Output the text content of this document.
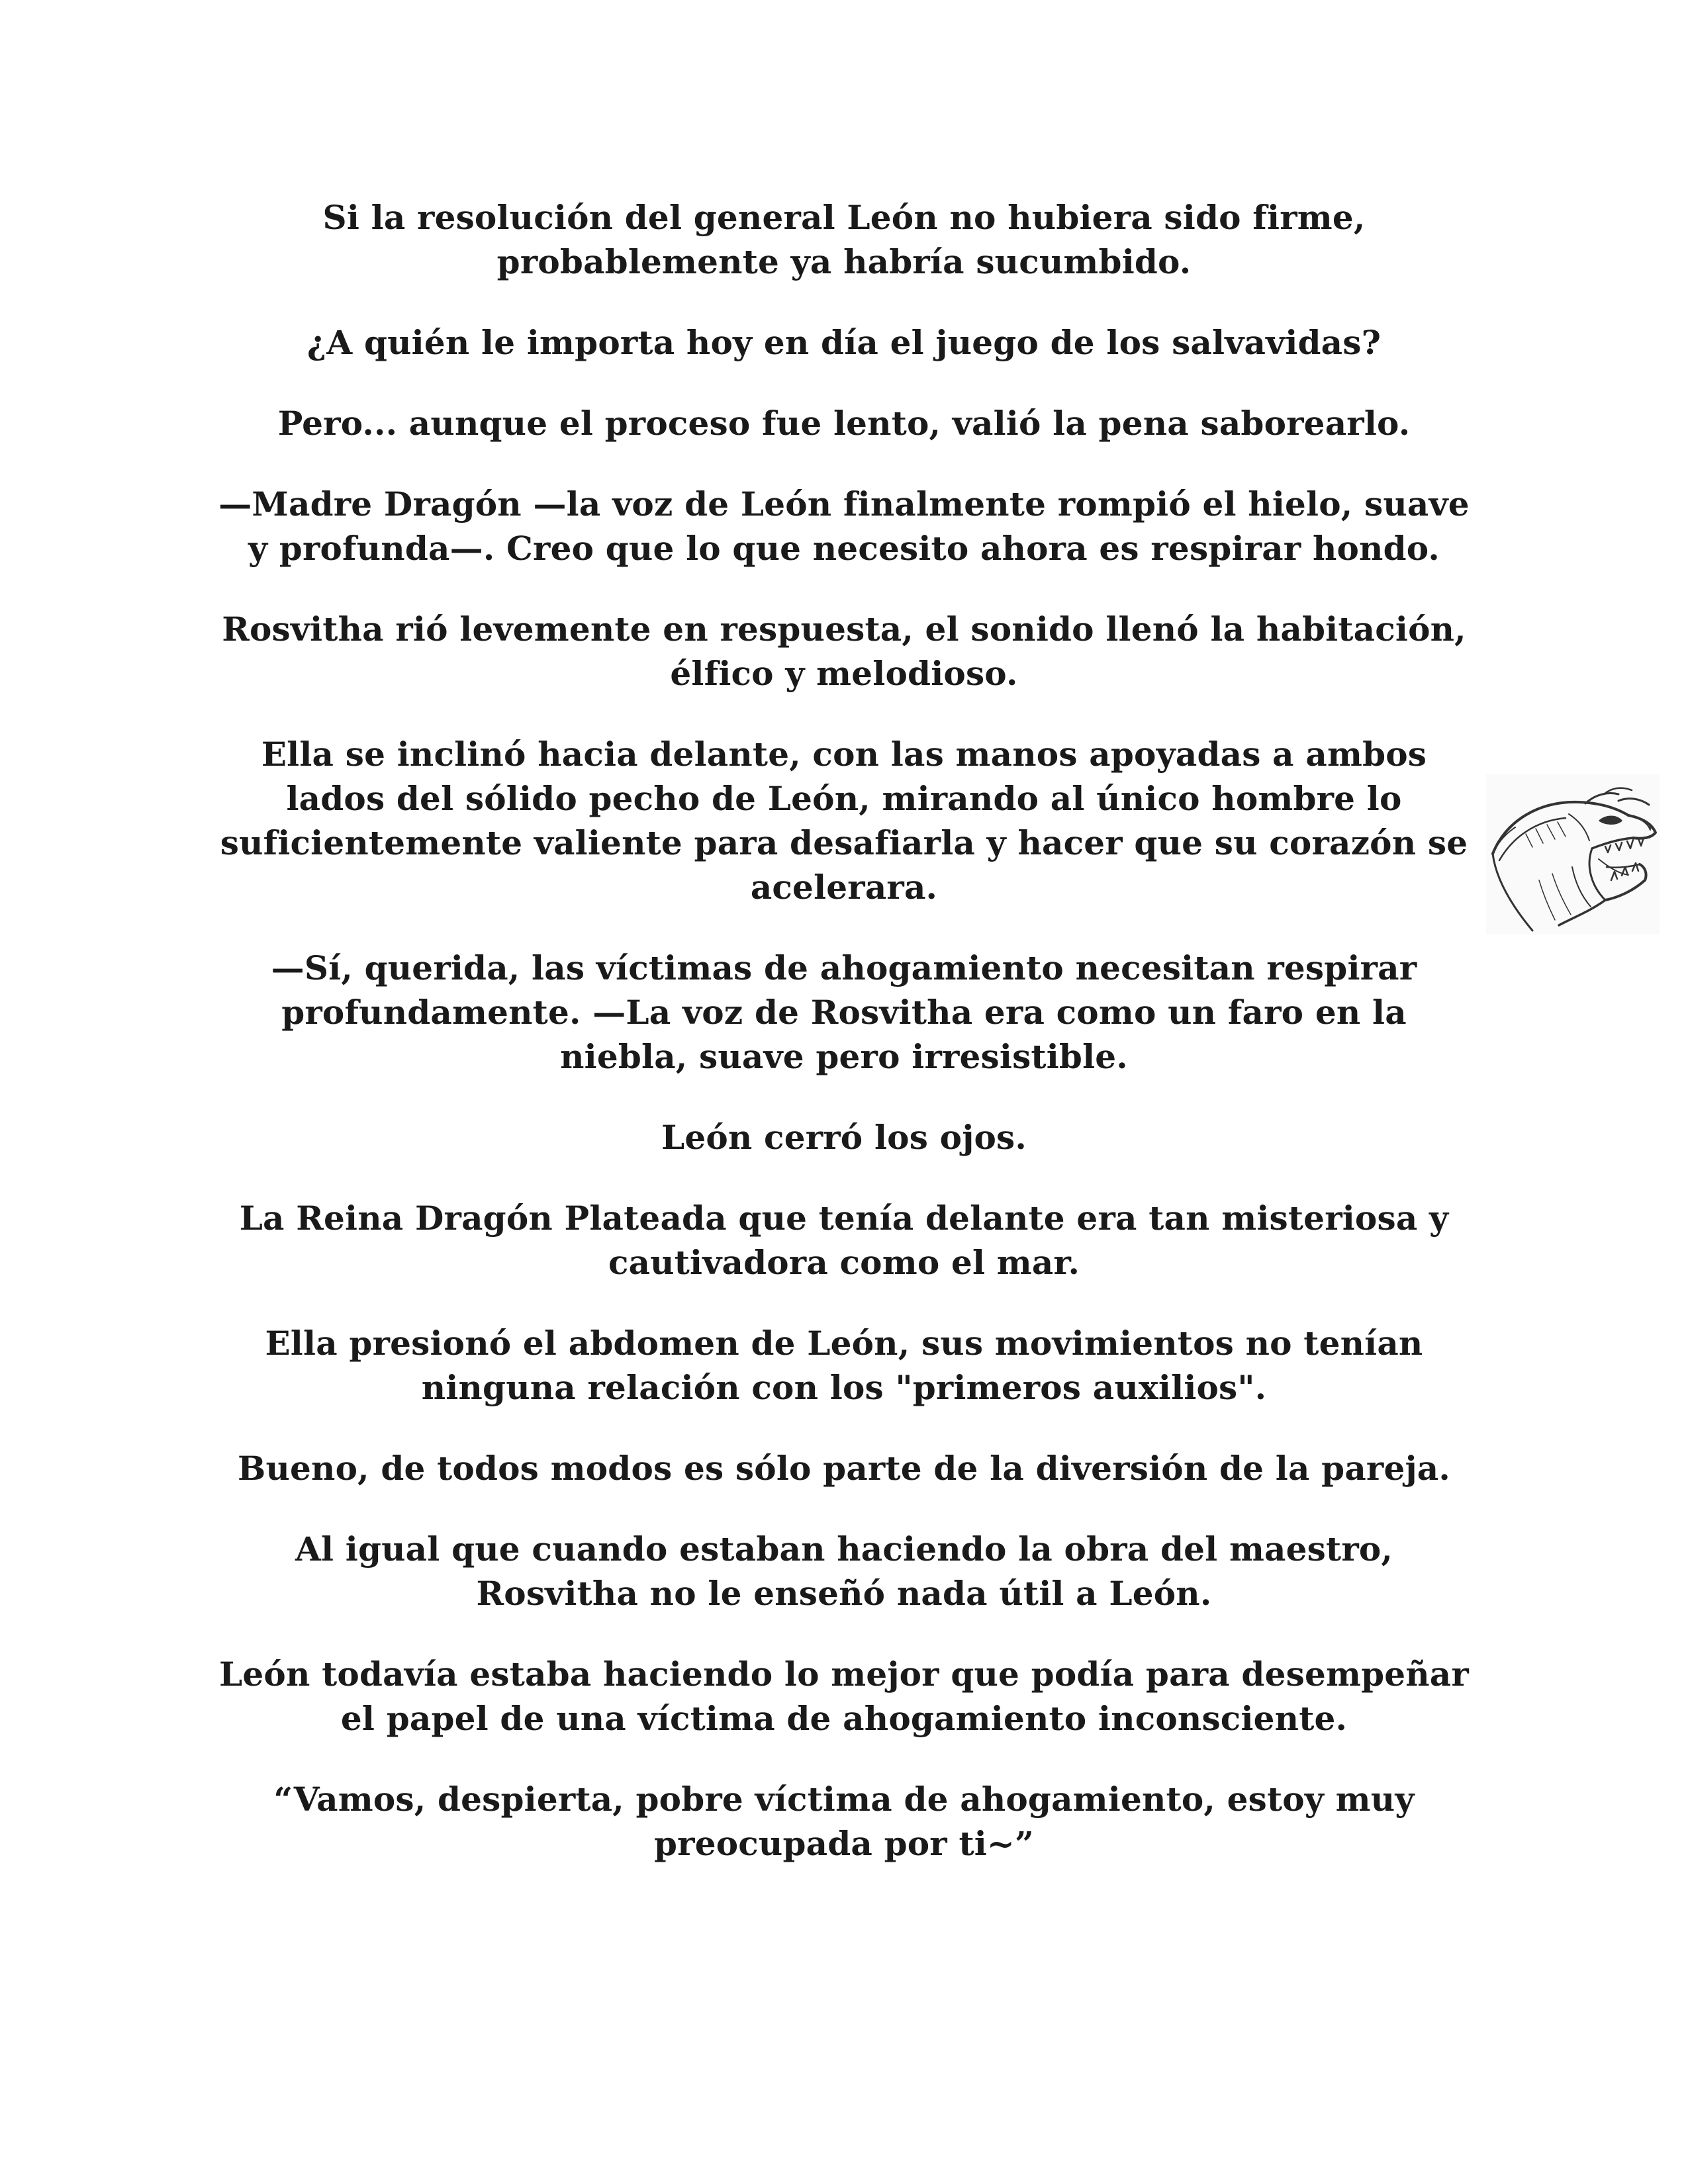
Si la resolución del general León no hubiera sido firme, probablemente ya habría sucumbido.

¿A quién le importa hoy en día el juego de los salvavidas?

Pero... aunque el proceso fue lento, valió la pena saborearlo.

—Madre Dragón —la voz de León finalmente rompió el hielo, suave y profunda—. Creo que lo que necesito ahora es respirar hondo.

Rosvitha rió levemente en respuesta, el sonido llenó la habitación, élfico y melodioso.

Ella se inclinó hacia delante, con las manos apoyadas a ambos lados del sólido pecho de León, mirando al único hombre lo suficientemente valiente para desafiarla y hacer que su corazón se acelerara.

—Sí, querida, las víctimas de ahogamiento necesitan respirar profundamente. —La voz de Rosvitha era como un faro en la niebla, suave pero irresistible.

León cerró los ojos.

La Reina Dragón Plateada que tenía delante era tan misteriosa y cautivadora como el mar.

Ella presionó el abdomen de León, sus movimientos no tenían ninguna relación con los "primeros auxilios".

Bueno, de todos modos es sólo parte de la diversión de la pareja.

Al igual que cuando estaban haciendo la obra del maestro, Rosvitha no le enseñó nada útil a León.

León todavía estaba haciendo lo mejor que podía para desempeñar el papel de una víctima de ahogamiento inconsciente.

“Vamos, despierta, pobre víctima de ahogamiento, estoy muy preocupada por ti~”
